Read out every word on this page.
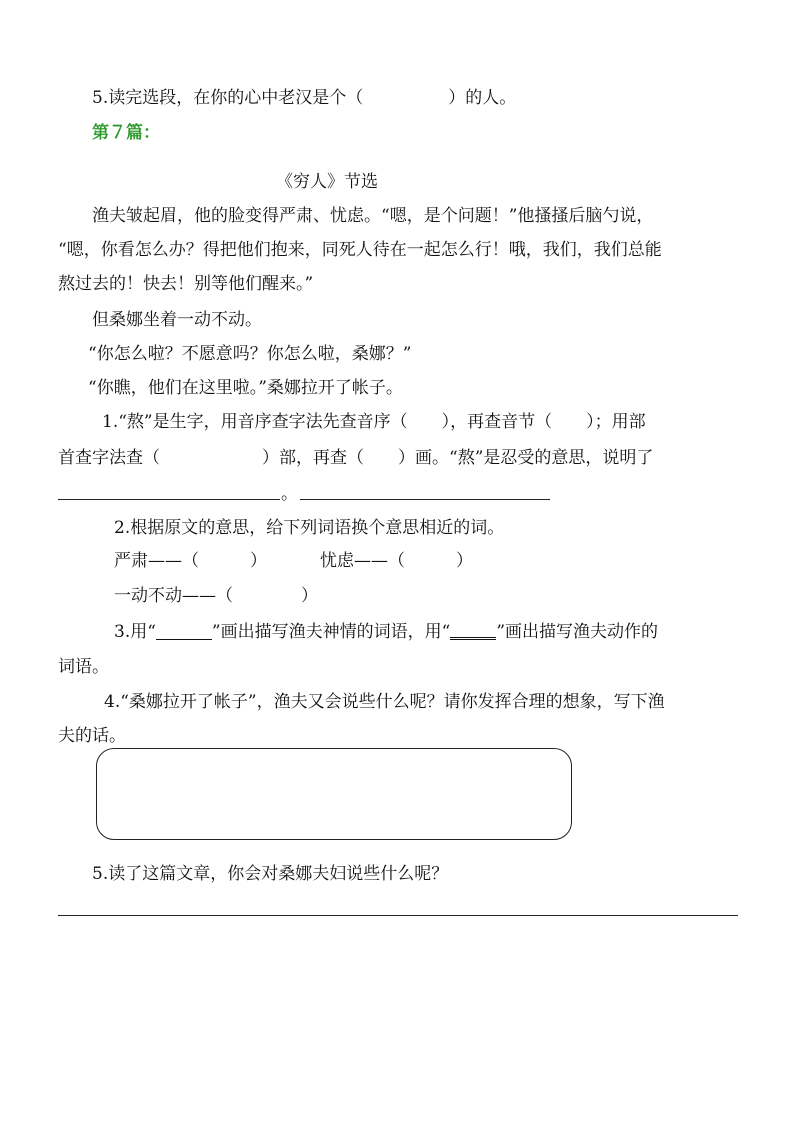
5.读完选段，在你的心中老汉是个（　　　　　）的人。
第７篇：
《穷人》节选
渔夫皱起眉，他的脸变得严肃、忧虑。“嗯，是个问题！”他搔搔后脑勺说，
“嗯，你看怎么办？得把他们抱来，同死人待在一起怎么行！哦，我们，我们总能
熬过去的！快去！别等他们醒来。”
但桑娜坐着一动不动。
“你怎么啦？不愿意吗？你怎么啦，桑娜？”
“你瞧，他们在这里啦。”桑娜拉开了帐子。
1.“熬”是生字，用音序查字法先查音序（　　），再查音节（　　）；用部
首查字法查（　　　　　　）部，再查（　　）画。“熬”是忍受的意思，说明了
。
2.根据原文的意思，给下列词语换个意思相近的词。
严肃——（　　　）	忧虑——（　　　）
一动不动——（　　　　）
3.用“	”画出描写渔夫神情的词语，用“	”画出描写渔夫动作的
词语。
4.“桑娜拉开了帐子”，渔夫又会说些什么呢？请你发挥合理的想象，写下渔
夫的话。
5.读了这篇文章，你会对桑娜夫妇说些什么呢？
